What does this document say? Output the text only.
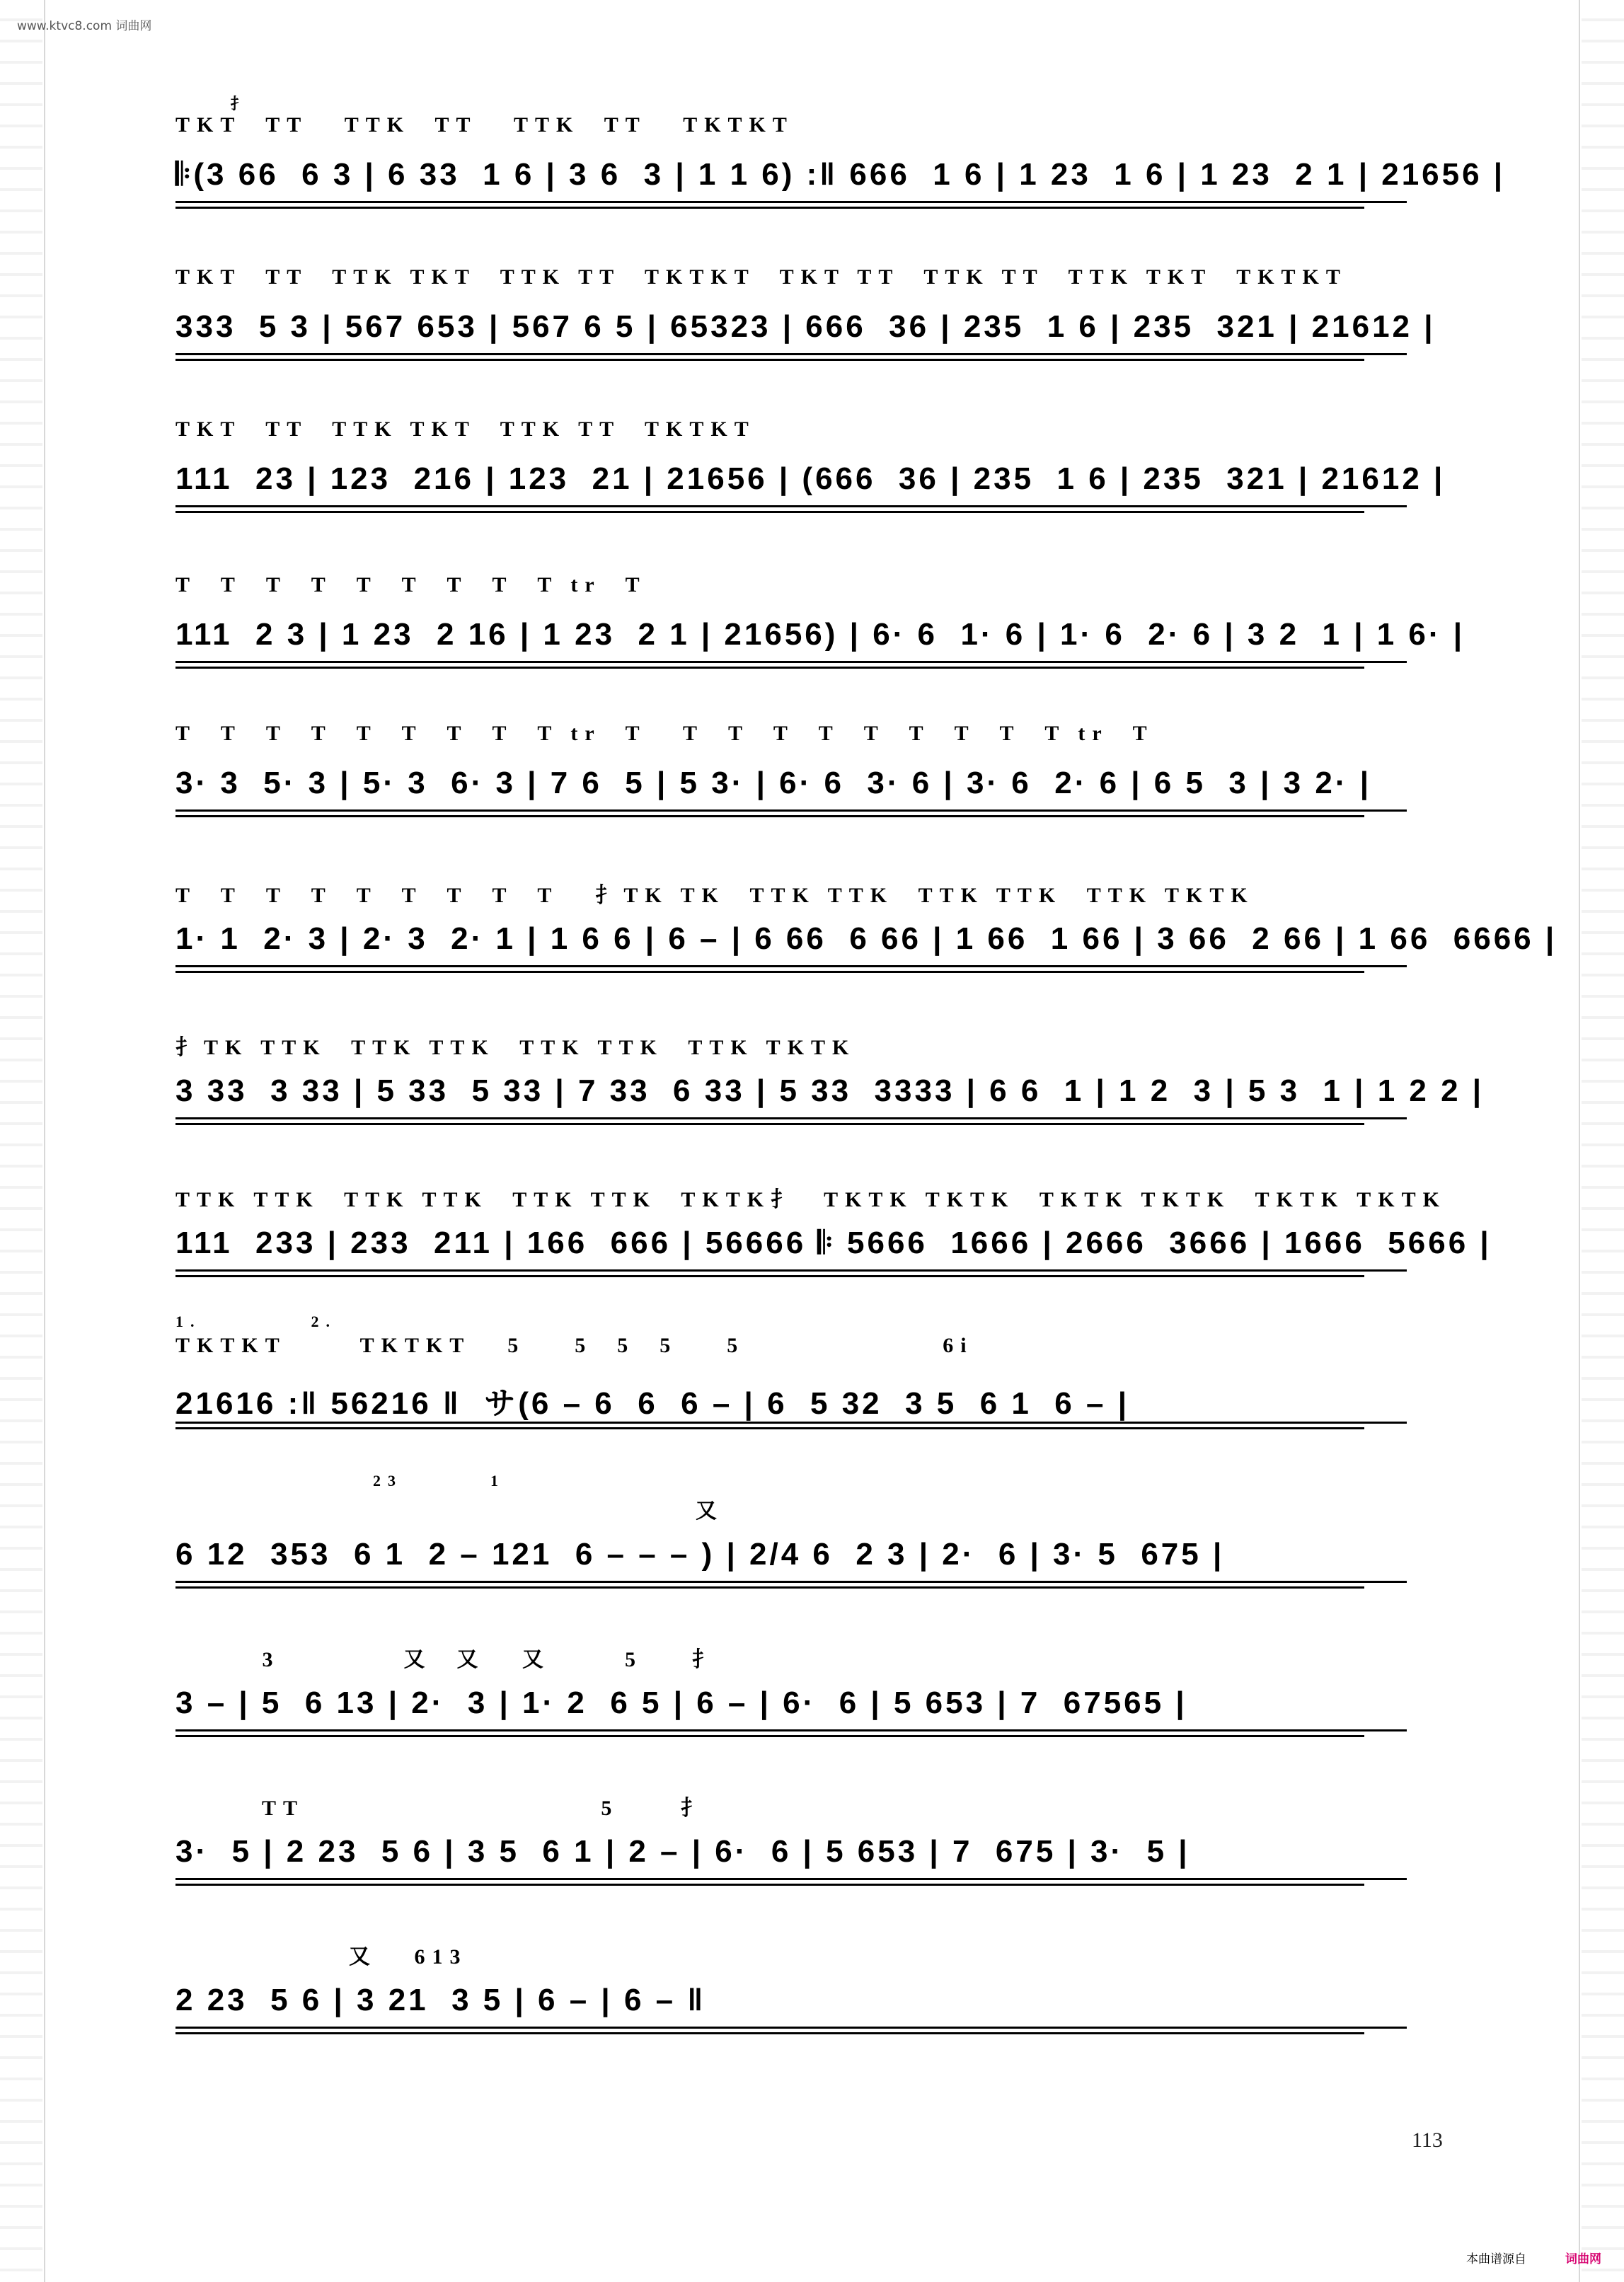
www.ktvc8.com 词曲网
TKT  TT   TTK  TT   TTK  TT   TKTKT
𝄆(3 66  6 3 | 6 33  1 6 | 3 6  3 | 1 1 6) :‖ 666  1 6 | 1 23  1 6 | 1 23  2 1 | 21656 |
扌
TKT  TT  TTK TKT  TTK TT  TKTKT  TKT TT  TTK TT  TTK TKT  TKTKT
333  5 3 | 567 653 | 567 6 5 | 65323 | 666  36 | 235  1 6 | 235  321 | 21612 |
TKT  TT  TTK TKT  TTK TT  TKTKT
111  23 | 123  216 | 123  21 | 21656 | (666  36 | 235  1 6 | 235  321 | 21612 |
T  T  T  T  T  T  T  T  T tr  T
111  2 3 | 1 23  2 16 | 1 23  2 1 | 21656) | 6· 6  1· 6 | 1· 6  2· 6 | 3 2  1 | 1 6· |
T  T  T  T  T  T  T  T  T tr  T   T  T  T  T  T  T  T  T  T tr  T
3· 3  5· 3 | 5· 3  6· 3 | 7 6  5 | 5 3· | 6· 6  3· 6 | 3· 6  2· 6 | 6 5  3 | 3 2· |
T  T  T  T  T  T  T  T  T   扌TK TK  TTK TTK  TTK TTK  TTK TKTK
1· 1  2· 3 | 2· 3  2· 1 | 1 6 6 | 6 – | 6 66  6 66 | 1 66  1 66 | 3 66  2 66 | 1 66  6666 |
扌TK TTK  TTK TTK  TTK TTK  TTK TKTK
3 33  3 33 | 5 33  5 33 | 7 33  6 33 | 5 33  3333 | 6 6  1 | 1 2  3 | 5 3  1 | 1 2 2 |
TTK TTK  TTK TTK  TTK TTK  TKTK扌  TKTK TKTK  TKTK TKTK  TKTK TKTK
111  233 | 233  211 | 166  666 | 56666 𝄆 5666  1666 | 2666  3666 | 1666  5666 |
TKTKT      TKTKT   5    5  5  5    5                6i
21616 :‖ 56216 ‖  サ(6 – 6  6  6 – | 6  5 32  3 5  6 1  6 – |
1.          2.
又
6 12  353  6 1  2 – 121  6 – – – ) | 2/4 6  2 3 | 2·  6 | 3· 5  675 |
23        1
3          又  又   又      5    扌
3 – | 5  6 13 | 2·  3 | 1· 2  6 5 | 6 – | 6·  6 | 5 653 | 7  67565 |
TT                        5     扌
3·  5 | 2 23  5 6 | 3 5  6 1 | 2 – | 6·  6 | 5 653 | 7  675 | 3·  5 |
又   613
2 23  5 6 | 3 21  3 5 | 6 – | 6 – ‖
113
本曲谱源自	词曲网
